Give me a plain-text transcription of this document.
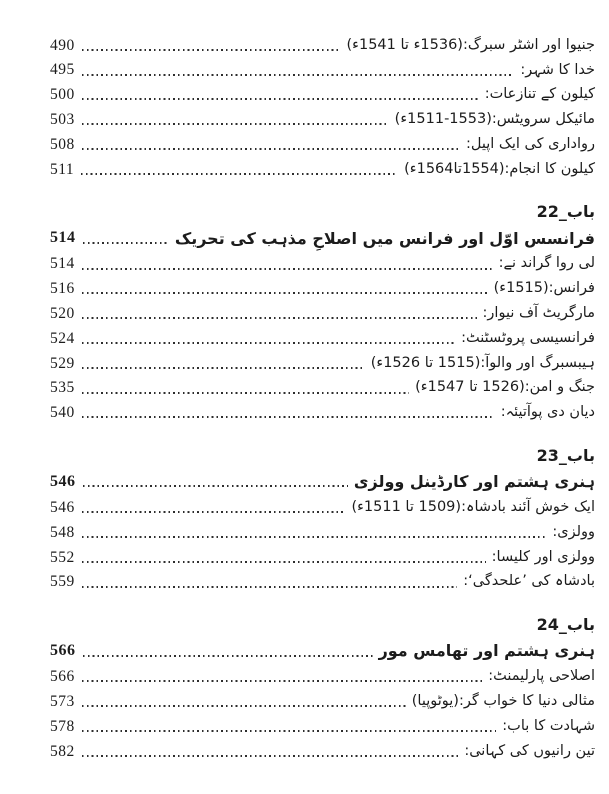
490	جنیوا اور اشٹر سبرگ:(1536ء تا 1541ء)
495	خدا کا شہر:
500	کیلون کے تنازعات:
503	مائیکل سرویٹس:(1553-1511ء)
508	رواداری کی ایک اپیل:
511	کیلون کا انجام:(1554تا1564ء)
باب_22
514	فرانسس اوّل اور فرانس میں اصلاحِ مذہب کی تحریک
514	لی روا گراند نے:
516	فرانس:(1515ء)
520	مارگریٹ آف نیوار:
524	فرانسیسی پروٹسٹنٹ:
529	ہیبسبرگ اور والوآ:(1515 تا 1526ء)
535	جنگ و امن:(1526 تا 1547ء)
540	دیان دی پوآتیئہ:
باب_23
546	ہنری ہشتم اور کارڈینل وولزی
546	ایک خوش آئند بادشاہ:(1509 تا 1511ء)
548	وولزی:
552	وولزی اور کلیسا:
559	بادشاہ کی ’علحدگی‘:
باب_24
566	ہنری ہشتم اور تھامس مور
566	اصلاحی پارلیمنٹ:
573	مثالی دنیا کا خواب گر:(یوٹوپیا)
578	شہادت کا باب:
582	تین رانیوں کی کہانی:
